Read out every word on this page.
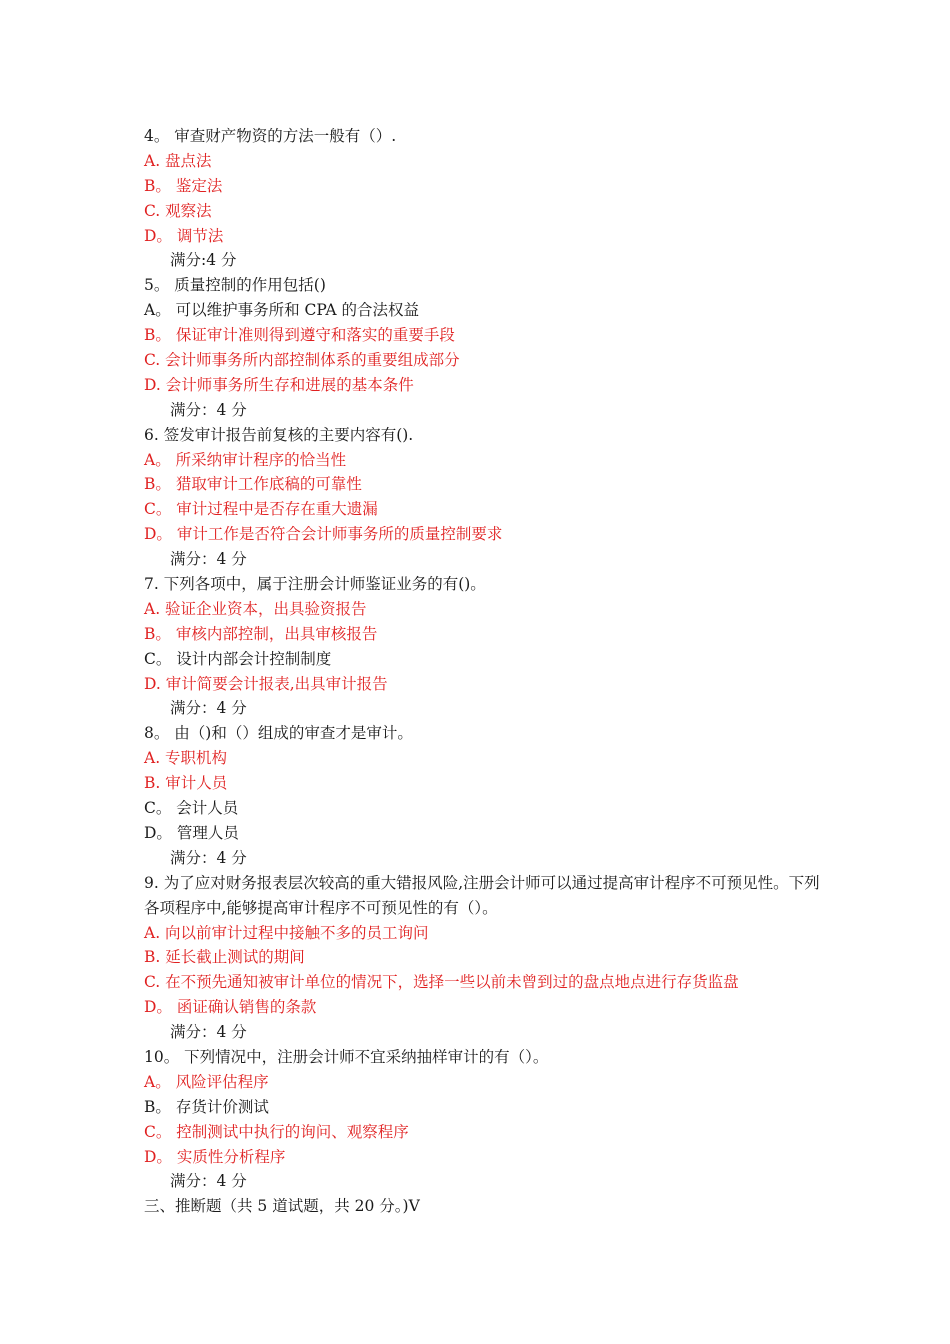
4。 审查财产物资的方法一般有（）.
A. 盘点法
B。 鉴定法
C. 观察法
D。 调节法
满分:4 分
5。 质量控制的作用包括()
A。 可以维护事务所和 CPA 的合法权益
B。 保证审计准则得到遵守和落实的重要手段
C. 会计师事务所内部控制体系的重要组成部分
D. 会计师事务所生存和进展的基本条件
满分：4 分
6. 签发审计报告前复核的主要内容有().
A。 所采纳审计程序的恰当性
B。 猎取审计工作底稿的可靠性
C。 审计过程中是否存在重大遗漏
D。 审计工作是否符合会计师事务所的质量控制要求
满分：4 分
7. 下列各项中，属于注册会计师鉴证业务的有()。
A. 验证企业资本，出具验资报告
B。 审核内部控制，出具审核报告
C。 设计内部会计控制制度
D. 审计简要会计报表,出具审计报告
满分：4 分
8。 由（)和（）组成的审查才是审计。
A. 专职机构
B. 审计人员
C。 会计人员
D。 管理人员
满分：4 分
9. 为了应对财务报表层次较高的重大错报风险,注册会计师可以通过提高审计程序不可预见性。下列各项程序中,能够提高审计程序不可预见性的有（）。
A. 向以前审计过程中接触不多的员工询问
B. 延长截止测试的期间
C. 在不预先通知被审计单位的情况下，选择一些以前未曾到过的盘点地点进行存货监盘
D。 函证确认销售的条款
满分：4 分
10。 下列情况中，注册会计师不宜采纳抽样审计的有（）。
A。 风险评估程序
B。 存货计价测试
C。 控制测试中执行的询问、观察程序
D。 实质性分析程序
满分：4 分
三、推断题（共 5 道试题，共 20 分。)V
